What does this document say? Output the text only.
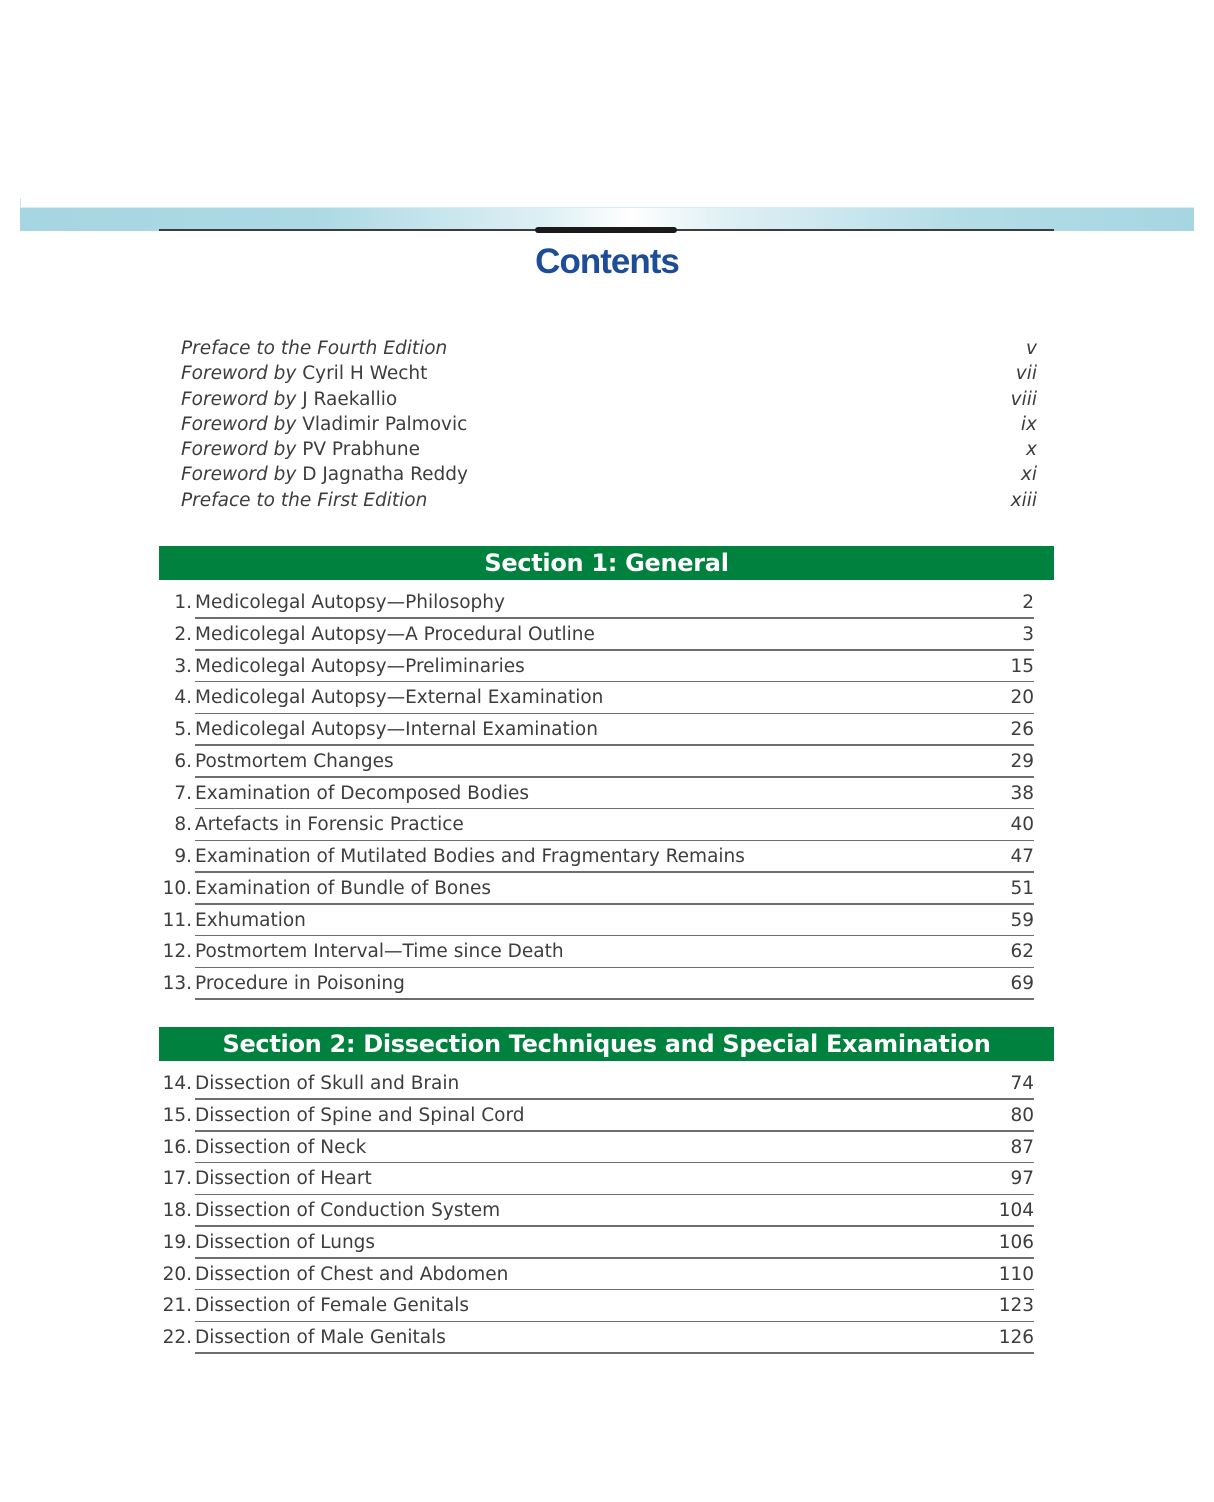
Contents
Preface to the Fourth Edition	v
Foreword by Cyril H Wecht	vii
Foreword by J Raekallio	viii
Foreword by Vladimir Palmovic	ix
Foreword by PV Prabhune	x
Foreword by D Jagnatha Reddy	xi
Preface to the First Edition	xiii
Section 1: General
1. Medicolegal Autopsy—Philosophy	2
2. Medicolegal Autopsy—A Procedural Outline	3
3. Medicolegal Autopsy—Preliminaries	15
4. Medicolegal Autopsy—External Examination	20
5. Medicolegal Autopsy—Internal Examination	26
6. Postmortem Changes	29
7. Examination of Decomposed Bodies	38
8. Artefacts in Forensic Practice	40
9. Examination of Mutilated Bodies and Fragmentary Remains	47
10. Examination of Bundle of Bones	51
11. Exhumation	59
12. Postmortem Interval—Time since Death	62
13. Procedure in Poisoning	69
Section 2: Dissection Techniques and Special Examination
14. Dissection of Skull and Brain	74
15. Dissection of Spine and Spinal Cord	80
16. Dissection of Neck	87
17. Dissection of Heart	97
18. Dissection of Conduction System	104
19. Dissection of Lungs	106
20. Dissection of Chest and Abdomen	110
21. Dissection of Female Genitals	123
22. Dissection of Male Genitals	126
